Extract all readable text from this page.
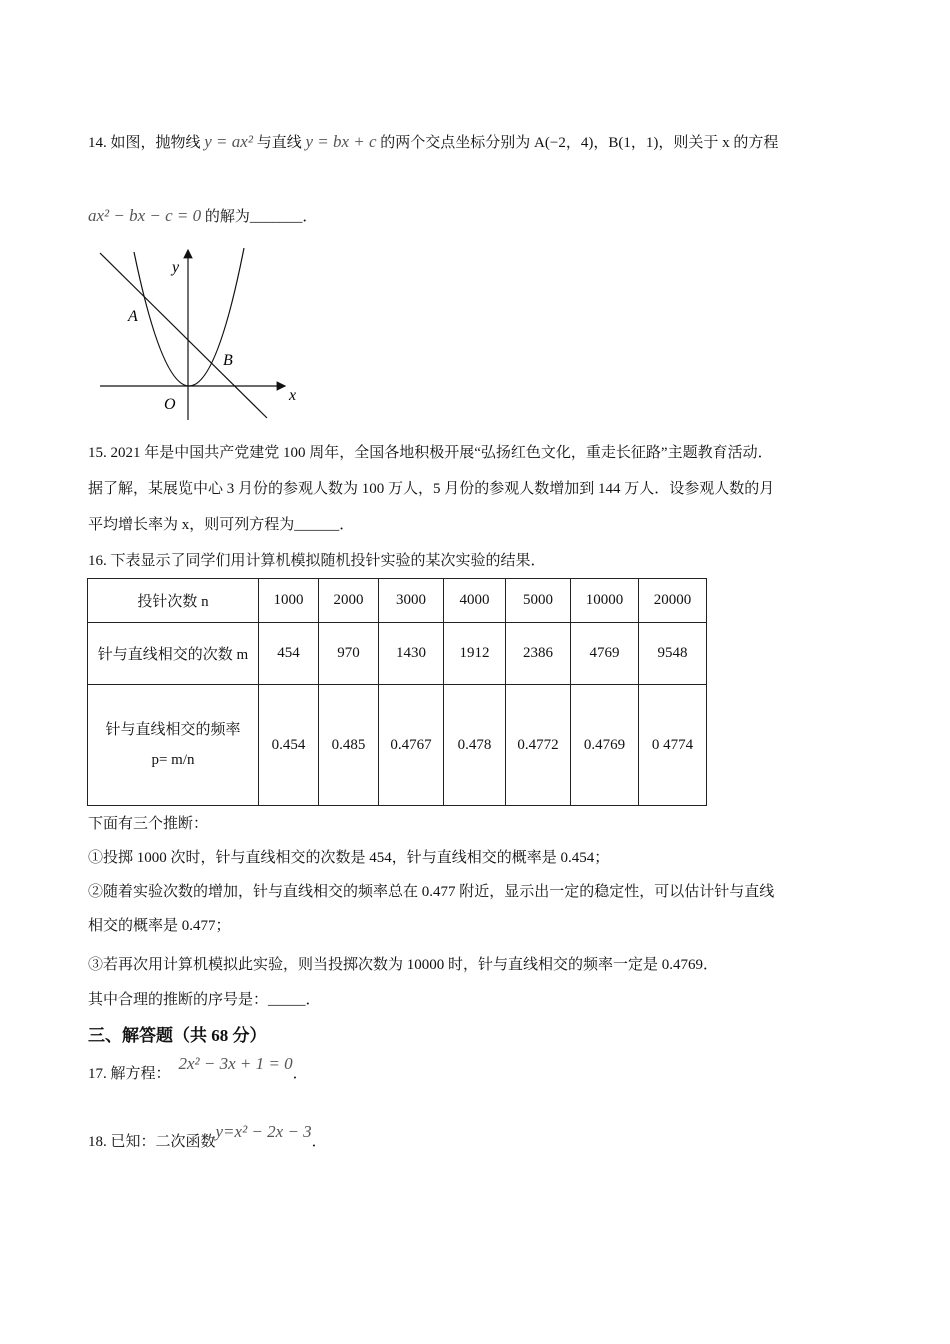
14. 如图，抛物线 y = ax² 与直线 y = bx + c 的两个交点坐标分别为 A(−2，4)，B(1，1)，则关于 x 的方程
ax² − bx − c = 0 的解为_______．
y
x
A
B
O
15. 2021 年是中国共产党建党 100 周年，全国各地积极开展“弘扬红色文化，重走长征路”主题教育活动．
据了解，某展览中心 3 月份的参观人数为 100 万人，5 月份的参观人数增加到 144 万人．设参观人数的月
平均增长率为 x，则可列方程为______．
16. 下表显示了同学们用计算机模拟随机投针实验的某次实验的结果．
投针次数 n	1000	2000	3000	4000	5000	10000	20000
针与直线相交的次数 m	454	970	1430	1912	2386	4769	9548
针与直线相交的频率 p= m/n	0.454	0.485	0.4767	0.478	0.4772	0.4769	0 4774
下面有三个推断：
①投掷 1000 次时，针与直线相交的次数是 454，针与直线相交的概率是 0.454；
②随着实验次数的增加，针与直线相交的频率总在 0.477 附近，显示出一定的稳定性，可以估计针与直线
相交的概率是 0.477；
③若再次用计算机模拟此实验，则当投掷次数为 10000 时，针与直线相交的频率一定是 0.4769．
其中合理的推断的序号是：_____．
三、解答题（共 68 分）
17. 解方程：2x² − 3x + 1 = 0．
18. 已知：二次函数y=x² − 2x − 3．
